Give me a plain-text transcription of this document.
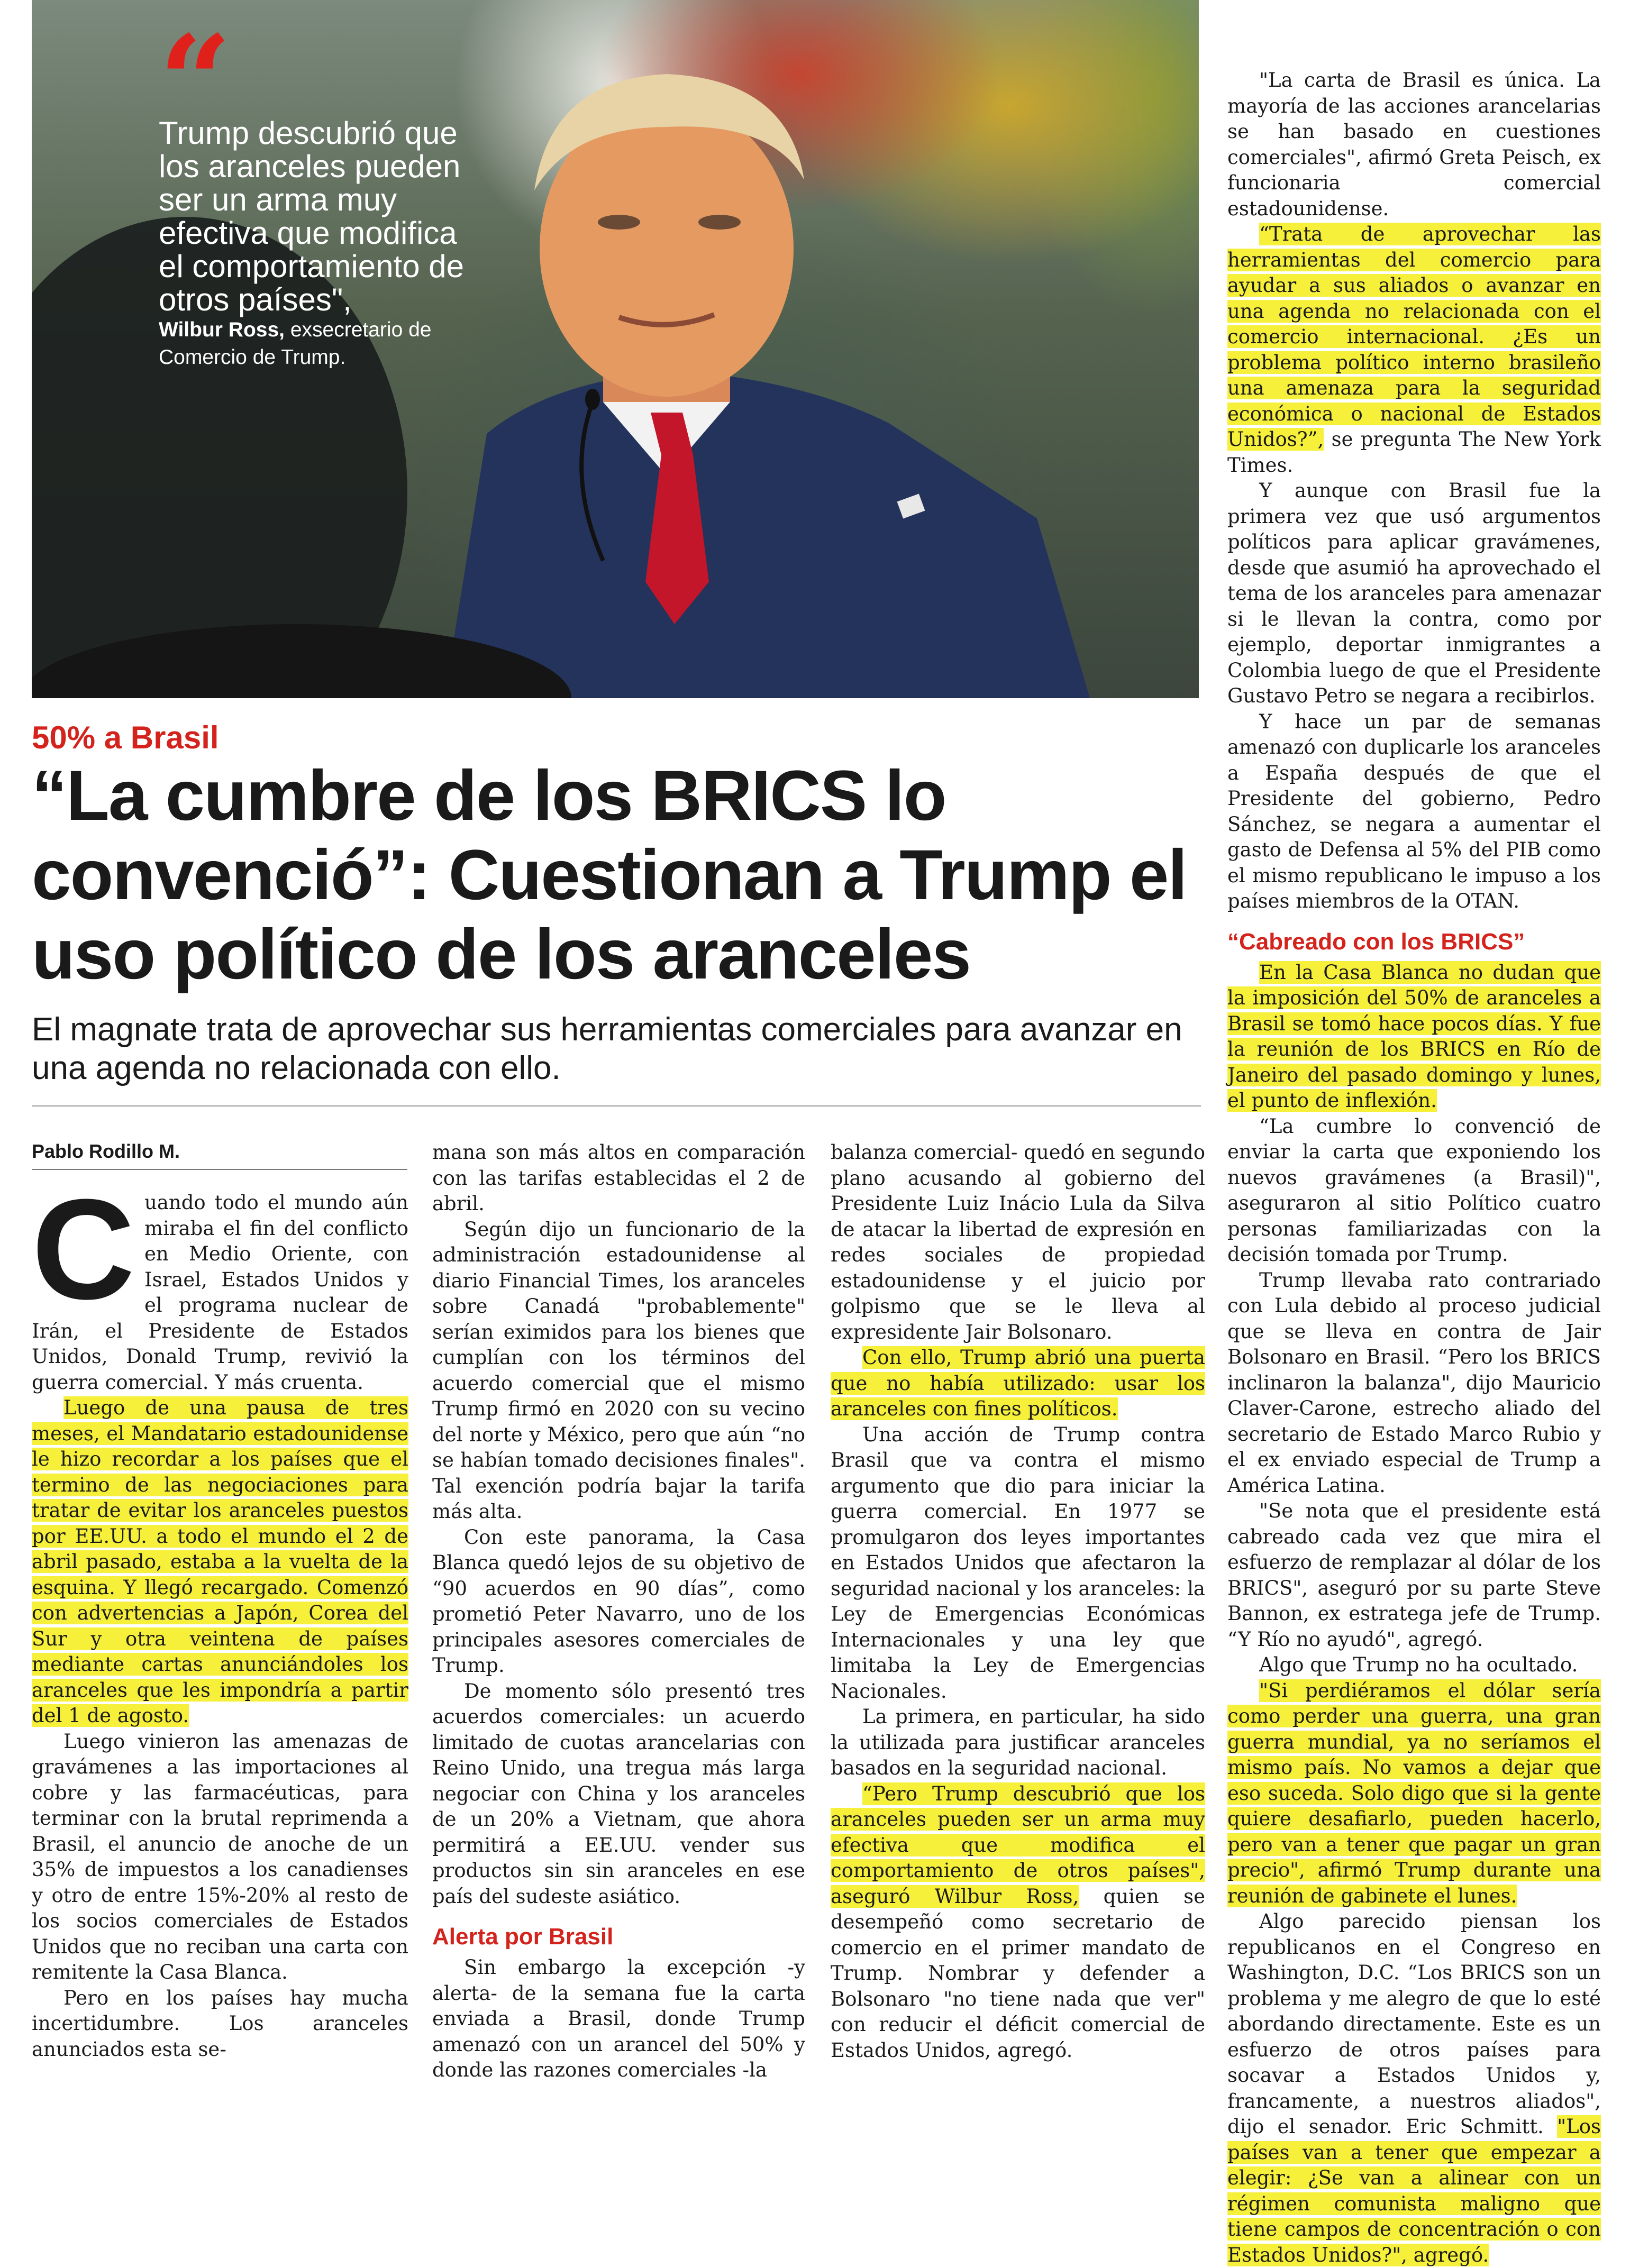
“
Trump descubrió que los aranceles pueden ser un arma muy efectiva que modifica el comportamiento de otros países",
Wilbur Ross, exsecretario de Comercio de Trump.
50% a Brasil
“La cumbre de los BRICS lo convenció”: Cuestionan a Trump el uso político de los aranceles
El magnate trata de aprovechar sus herramientas comerciales para avanzar en una agenda no relacionada con ello.
Pablo Rodillo M.

Cuando todo el mundo aún miraba el fin del conflicto en Medio Oriente, con Israel, Estados Unidos y el programa nuclear de Irán, el Presidente de Estados Unidos, Donald Trump, revivió la guerra comercial. Y más cruenta.

Luego de una pausa de tres meses, el Mandatario estadounidense le hizo recordar a los países que el termino de las negociaciones para tratar de evitar los aranceles puestos por EE.UU. a todo el mundo el 2 de abril pasado, estaba a la vuelta de la esquina. Y llegó recargado. Comenzó con advertencias a Japón, Corea del Sur y otra veintena de países mediante cartas anunciándoles los aranceles que les impondría a partir del 1 de agosto.

Luego vinieron las amenazas de gravámenes a las importaciones al cobre y las farmacéuticas, para terminar con la brutal reprimenda a Brasil, el anuncio de anoche de un 35% de impuestos a los canadienses y otro de entre 15%-20% al resto de los socios comerciales de Estados Unidos que no reciban una carta con remitente la Casa Blanca.

Pero en los países hay mucha incertidumbre. Los aranceles anunciados esta se-

mana son más altos en comparación con las tarifas establecidas el 2 de abril.

Según dijo un funcionario de la administración estadounidense al diario Financial Times, los aranceles sobre Canadá "probablemente" serían eximidos para los bienes que cumplían con los términos del acuerdo comercial que el mismo Trump firmó en 2020 con su vecino del norte y México, pero que aún “no se habían tomado decisiones finales". Tal exención podría bajar la tarifa más alta.

Con este panorama, la Casa Blanca quedó lejos de su objetivo de “90 acuerdos en 90 días”, como prometió Peter Navarro, uno de los principales asesores comerciales de Trump.

De momento sólo presentó tres acuerdos comerciales: un acuerdo limitado de cuotas arancelarias con Reino Unido, una tregua más larga negociar con China y los aranceles de un 20% a Vietnam, que ahora permitirá a EE.UU. vender sus productos sin sin aranceles en ese país del sudeste asiático.

Alerta por Brasil

Sin embargo la excepción -y alerta- de la semana fue la carta enviada a Brasil, donde Trump amenazó con un arancel del 50% y donde las razones comerciales -la

balanza comercial- quedó en segundo plano acusando al gobierno del Presidente Luiz Inácio Lula da Silva de atacar la libertad de expresión en redes sociales de propiedad estadounidense y el juicio por golpismo que se le lleva al expresidente Jair Bolsonaro.

Con ello, Trump abrió una puerta que no había utilizado: usar los aranceles con fines políticos.

Una acción de Trump contra Brasil que va contra el mismo argumento que dio para iniciar la guerra comercial. En 1977 se promulgaron dos leyes importantes en Estados Unidos que afectaron la seguridad nacional y los aranceles: la Ley de Emergencias Económicas Internacionales y una ley que limitaba la Ley de Emergencias Nacionales.

La primera, en particular, ha sido la utilizada para justificar aranceles basados en la seguridad nacional.

“Pero Trump descubrió que los aranceles pueden ser un arma muy efectiva que modifica el comportamiento de otros países", aseguró Wilbur Ross, quien se desempeñó como secretario de comercio en el primer mandato de Trump. Nombrar y defender a Bolsonaro "no tiene nada que ver" con reducir el déficit comercial de Estados Unidos, agregó.

"La carta de Brasil es única. La mayoría de las acciones arancelarias se han basado en cuestiones comerciales", afirmó Greta Peisch, ex funcionaria comercial estadounidense.

“Trata de aprovechar las herramientas del comercio para ayudar a sus aliados o avanzar en una agenda no relacionada con el comercio internacional. ¿Es un problema político interno brasileño una amenaza para la seguridad económica o nacional de Estados Unidos?”, se pregunta The New York Times.

Y aunque con Brasil fue la primera vez que usó argumentos políticos para aplicar gravámenes, desde que asumió ha aprovechado el tema de los aranceles para amenazar si le llevan la contra, como por ejemplo, deportar inmigrantes a Colombia luego de que el Presidente Gustavo Petro se negara a recibirlos.

Y hace un par de semanas amenazó con duplicarle los aranceles a España después de que el Presidente del gobierno, Pedro Sánchez, se negara a aumentar el gasto de Defensa al 5% del PIB como el mismo republicano le impuso a los países miembros de la OTAN.

“Cabreado con los BRICS”

En la Casa Blanca no dudan que la imposición del 50% de aranceles a Brasil se tomó hace pocos días. Y fue la reunión de los BRICS en Río de Janeiro del pasado domingo y lunes, el punto de inflexión.

“La cumbre lo convenció de enviar la carta que exponiendo los nuevos gravámenes (a Brasil)", aseguraron al sitio Político cuatro personas familiarizadas con la decisión tomada por Trump.

Trump llevaba rato contrariado con Lula debido al proceso judicial que se lleva en contra de Jair Bolsonaro en Brasil. “Pero los BRICS inclinaron la balanza", dijo Mauricio Claver-Carone, estrecho aliado del secretario de Estado Marco Rubio y el ex enviado especial de Trump a América Latina.

"Se nota que el presidente está cabreado cada vez que mira el esfuerzo de remplazar al dólar de los BRICS", aseguró por su parte Steve Bannon, ex estratega jefe de Trump. “Y Río no ayudó", agregó.

Algo que Trump no ha ocultado.

"Si perdiéramos el dólar sería como perder una guerra, una gran guerra mundial, ya no seríamos el mismo país. No vamos a dejar que eso suceda. Solo digo que si la gente quiere desafiarlo, pueden hacerlo, pero van a tener que pagar un gran precio", afirmó Trump durante una reunión de gabinete el lunes.

Algo parecido piensan los republicanos en el Congreso en Washington, D.C. “Los BRICS son un problema y me alegro de que lo esté abordando directamente. Este es un esfuerzo de otros países para socavar a Estados Unidos y, francamente, a nuestros aliados", dijo el senador. Eric Schmitt. "Los países van a tener que empezar a elegir: ¿Se van a alinear con un régimen comunista maligno que tiene campos de concentración o con Estados Unidos?", agregó.
